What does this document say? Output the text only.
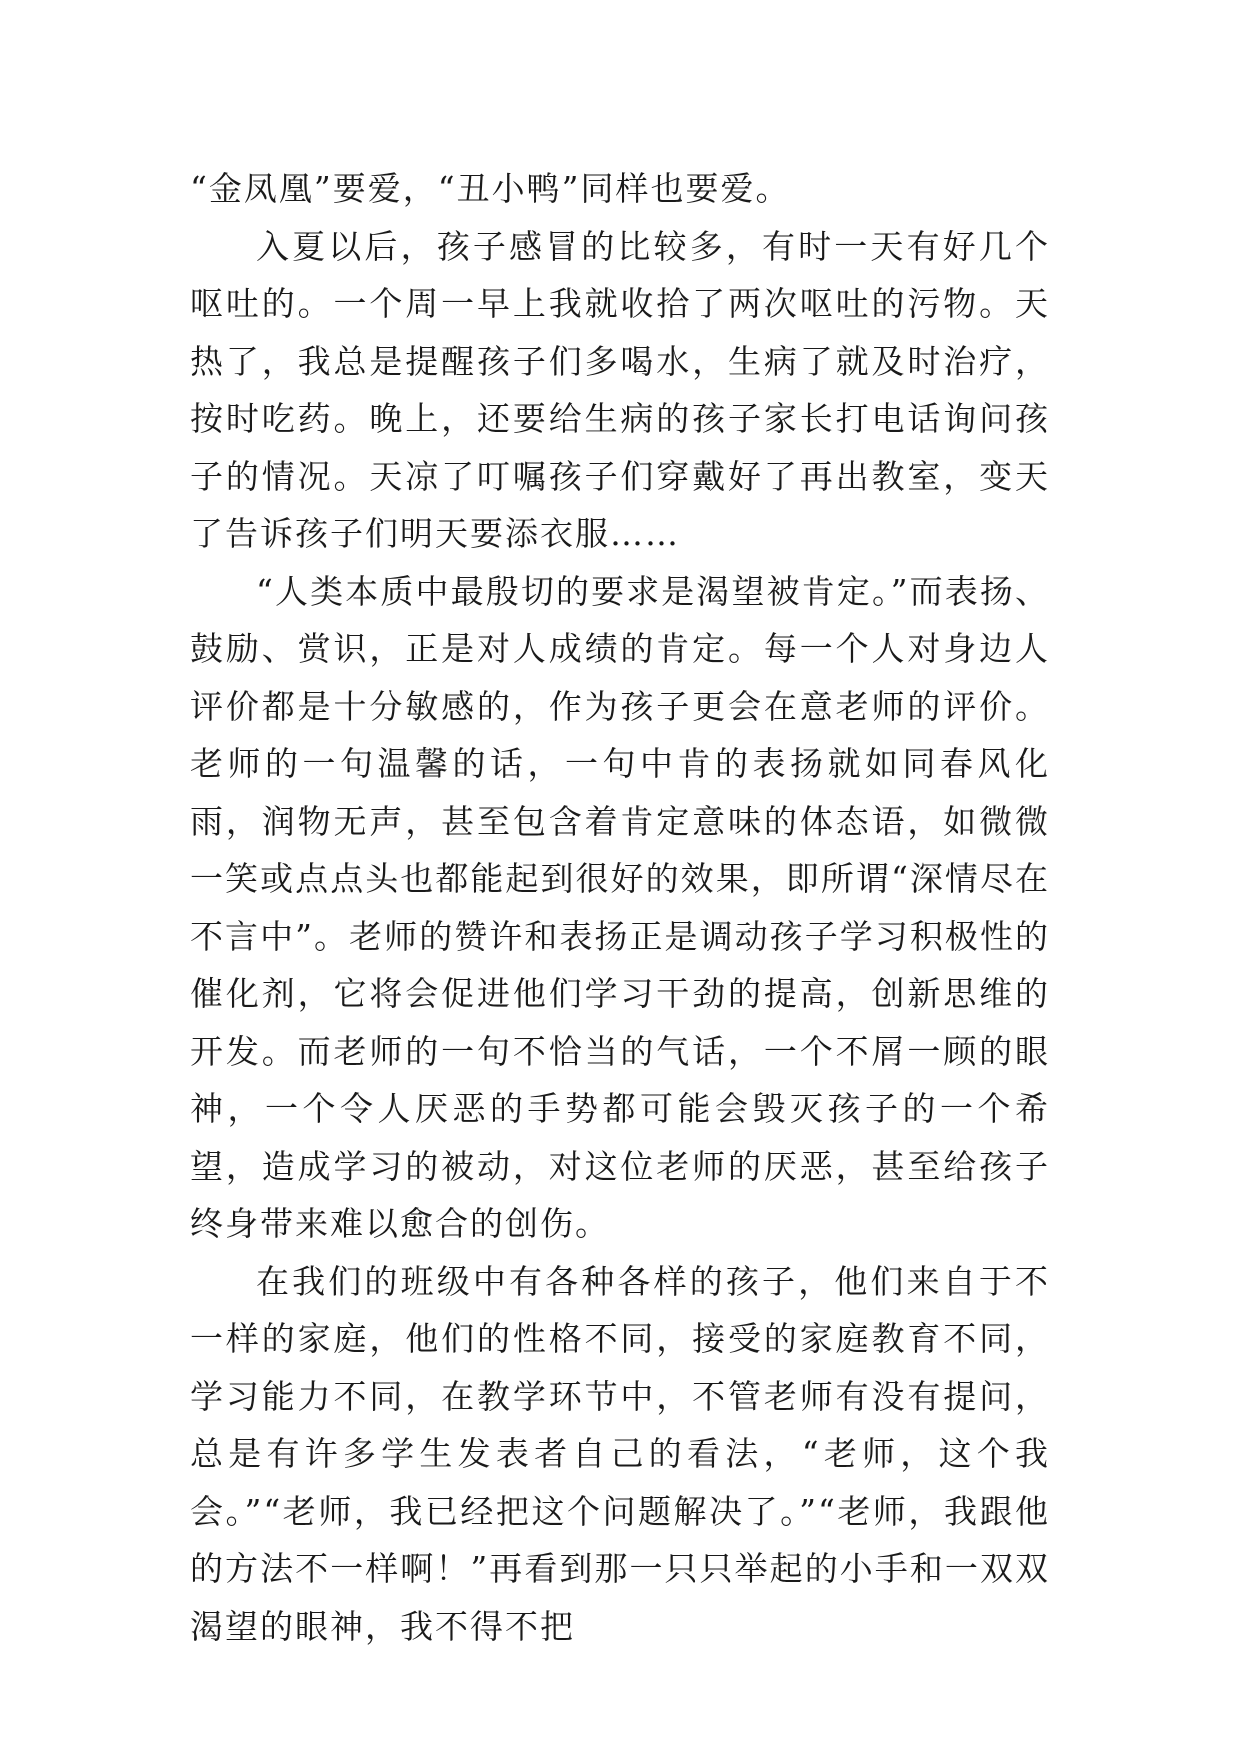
“金凤凰”要爱，“丑小鸭”同样也要爱。

入夏以后，孩子感冒的比较多，有时一天有好几个呕吐的。一个周一早上我就收拾了两次呕吐的污物。天热了，我总是提醒孩子们多喝水，生病了就及时治疗，按时吃药。晚上，还要给生病的孩子家长打电话询问孩子的情况。天凉了叮嘱孩子们穿戴好了再出教室，变天了告诉孩子们明天要添衣服……

“人类本质中最殷切的要求是渴望被肯定。”而表扬、鼓励、赏识，正是对人成绩的肯定。每一个人对身边人评价都是十分敏感的，作为孩子更会在意老师的评价。老师的一句温馨的话，一句中肯的表扬就如同春风化雨，润物无声，甚至包含着肯定意味的体态语，如微微一笑或点点头也都能起到很好的效果，即所谓“深情尽在不言中”。老师的赞许和表扬正是调动孩子学习积极性的催化剂，它将会促进他们学习干劲的提高，创新思维的开发。而老师的一句不恰当的气话，一个不屑一顾的眼神，一个令人厌恶的手势都可能会毁灭孩子的一个希望，造成学习的被动，对这位老师的厌恶，甚至给孩子终身带来难以愈合的创伤。

在我们的班级中有各种各样的孩子，他们来自于不一样的家庭，他们的性格不同，接受的家庭教育不同，学习能力不同，在教学环节中，不管老师有没有提问，总是有许多学生发表者自己的看法，“老师，这个我会。”“老师，我已经把这个问题解决了。”“老师，我跟他的方法不一样啊！”再看到那一只只举起的小手和一双双渴望的眼神，我不得不把
